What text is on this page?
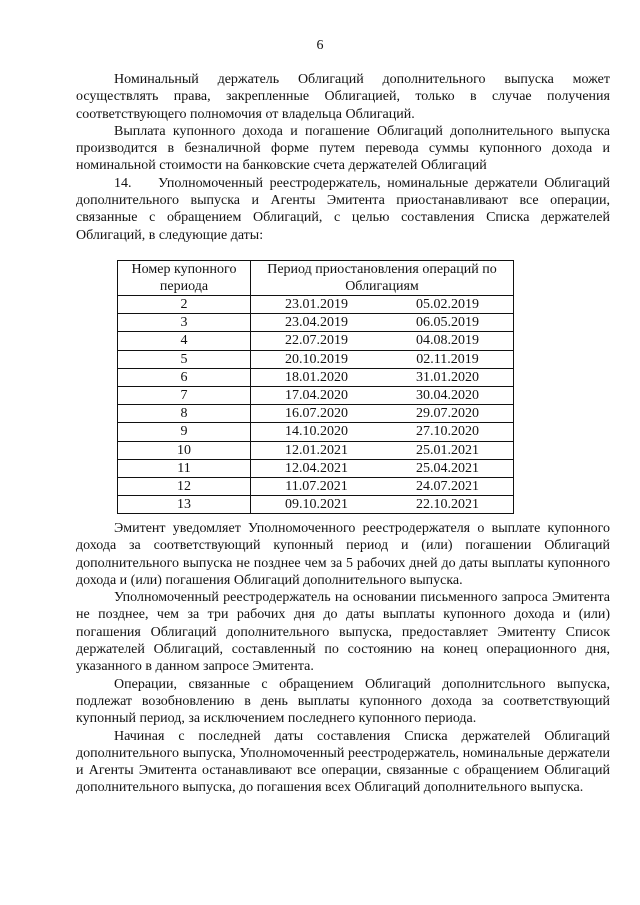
6

Номинальный держатель Облигаций дополнительного выпуска может осуществлять права, закрепленные Облигацией, только в случае получения соответствующего полномочия от владельца Облигаций.

Выплата купонного дохода и погашение Облигаций дополнительного выпуска производится в безналичной форме путем перевода суммы купонного дохода и номинальной стоимости на банковские счета держателей Облигаций

14.    Уполномоченный реестродержатель, номинальные держатели Облигаций дополнительного выпуска и Агенты Эмитента приостанавливают все операции, связанные с обращением Облигаций, с целью составления Списка держателей Облигаций, в следующие даты:

Номер купонного периода	Период приостановления операций по Облигациям	
2	23.01.2019	05.02.2019
3	23.04.2019	06.05.2019
4	22.07.2019	04.08.2019
5	20.10.2019	02.11.2019
6	18.01.2020	31.01.2020
7	17.04.2020	30.04.2020
8	16.07.2020	29.07.2020
9	14.10.2020	27.10.2020
10	12.01.2021	25.01.2021
11	12.04.2021	25.04.2021
12	11.07.2021	24.07.2021
13	09.10.2021	22.10.2021

Эмитент уведомляет Уполномоченного реестродержателя о выплате купонного дохода за соответствующий купонный период и (или) погашении Облигаций дополнительного выпуска не позднее чем за 5 рабочих дней до даты выплаты купонного дохода и (или) погашения Облигаций дополнительного выпуска.

Уполномоченный реестродержатель на основании письменного запроса Эмитента не позднее, чем за три рабочих дня до даты выплаты купонного дохода и (или) погашения Облигаций дополнительного выпуска, предоставляет Эмитенту Список держателей Облигаций, составленный по состоянию на конец операционного дня, указанного в данном запросе Эмитента.

Операции, связанные с обращением Облигаций дополнитсльного выпуска, подлежат возобновлению в день выплаты купонного дохода за соответствующий купонный период, за исключением последнего купонного периода.

Начиная с последней даты составления Списка держателей Облигаций дополнительного выпуска, Уполномоченный реестродержатель, номинальные держатели и Агенты Эмитента останавливают все операции, связанные с обращением Облигаций дополнительного выпуска, до погашения всех Облигаций дополнительного выпуска.
